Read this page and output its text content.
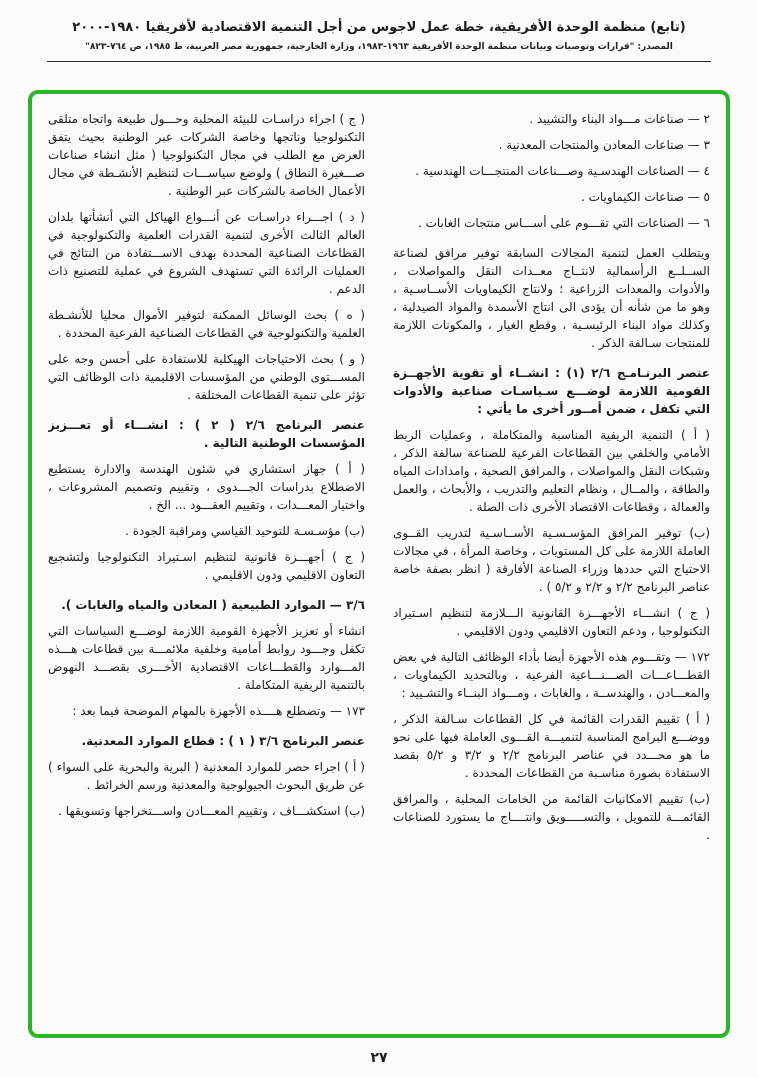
(تابع) منظمة الوحدة الأفريقية، خطة عمل لاجوس من أجل التنمية الاقتصادية لأفريقيا ١٩٨٠-٢٠٠٠
المصدر: "قرارات وتوصيات وبيانات منظمة الوحدة الأفريقية ١٩٦٣-١٩٨٣، وزارة الخارجية، جمهورية مصر العربية، ط ١٩٨٥، ص ٧٦٤-٨٢٣"

٢ — صناعات مـــواد البناء والتشييد .

٣ — صناعات المعادن والمنتجات المعدنية .

٤ — الصناعات الهندسـية وصـــناعات المنتجـــات الهندسية .

٥ — صناعات الكيماويات .

٦ — الصناعات التي تقـــوم على أســـاس منتجات الغابات .

ويتطلب العمل لتنمية المجالات السابقة توفير مرافق لصناعة الســلــع الرأسمالية لانتــاج معــدات النقل والمواصلات ، والأدوات والمعدات الزراعية ؛ ولانتاج الكيماويات الأســاسـية ، وهو ما من شأنه أن يؤدى الى انتاج الأسمدة والمواد الصيدلية ، وكذلك مواد البناء الرئيسـية ، وقطع الغيار ، والمكونات اللازمة للمنتجات سـالفة الذكر .

عنصر البرنـامـج ٢/٦ (١) : انشــاء أو تقوية الأجهــزة القومية اللازمة لوضـــع سـياسـات صناعية والأدوات التي تكفل ، ضمن أمــور أخرى ما يأتي :

( أ ) التنمية الريفية المناسبة والمتكاملة ، وعمليات الربط الأمامي والخلفي بين القطاعات الفرعية للصناعة سالفة الذكر ، وشبكات النقل والمواصلات ، والمرافق الصحية ، وامدادات المياه والطاقة ، والمــال ، ونظام التعليم والتدريب ، والأبحاث ، والعمل والعمالة ، وقطاعات الاقتصاد الأخرى ذات الصلة .

(ب) توفير المرافق المؤسـسـية الأســاسـية لتدريب القــوى العاملة اللازمة على كل المستويات ، وخاصة المرأة ، في مجالات الاحتياج التي حددها وزراء الصناعة الأفارقة ( انظر بصفة خاصة عناصر البرنامج ٢/٢ و ٢/٢ و ٥/٢ ) .

( ج ) انشـــاء الأجهـــزة القانونية الـــلازمة لتنظيم اسـتيراد التكنولوجيا ، ودعم التعاون الاقليمي ودون الاقليمي .

١٧٢ — وتقـــوم هذه الأجهزة أيضا بأداء الوظائف التالية في بعض القطـــاعـــات الصـــنـــاعية الفرعية ، وبالتحديد الكيماويات ، والمعـــادن ، والهندســة ، والغابات ، ومـــواد البنــاء والتشـييد :

( أ ) تقييم القدرات القائمة في كل القطاعات سـالفة الذكر ، ووضـــع البرامج المناسبة لتنميـــة القـــوى العاملة فيها على نحو ما هو محـــدد في عناصر البرنامج ٢/٢ و ٣/٢ و ٥/٢ بقصد الاستفادة بصورة مناسـبة من القطاعات المحددة .

(ب) تقييم الامكانيات القائمة من الخامات المحلية ، والمرافق القائمـــة للتمويل ، والتســـــويق وانتــــاج ما يستورد للصناعات .

( ج ) اجراء دراسـات للبيئة المحلية وحـــول طبيعة واتجاه متلقى التكنولوجيا وناتجها وخاصة الشركات عبر الوطنية بحيث يتفق العرض مع الطلب في مجال التكنولوجيا ( مثل انشاء صناعات صـــغيرة النطاق ) ولوضع سياســـات لتنظيم الأنشـطة في مجال الأعمال الخاصة بالشركات عبر الوطنية .

( د ) اجـــراء دراسـات عن أنـــواع الهياكل التي أنشأتها بلدان العالم الثالث الأخرى لتنمية القدرات العلمية والتكنولوجية في القطاعات الصناعية المحددة بهدف الاســـتفادة من النتائج في العمليات الرائدة التي تستهدف الشروع في عملية للتصنيع ذات الدعم .

( ه ) بحث الوسائل الممكنة لتوفير الأموال محليا للأنشـطة العلمية والتكنولوجية في القطاعات الصناعية الفرعية المحددة .

( و ) بحث الاحتياجات الهيكلية للاستفادة على أحسن وجه على المســـتوى الوطني من المؤسسات الاقليمية ذات الوظائف التي تؤثر على تنمية القطاعات المختلفة .

عنصر البرنامج ٢/٦ ( ٢ ) : انشـــاء أو تعـــزيز المؤسسات الوطنية التالية .

( أ ) جهاز استشاري في شئون الهندسة والادارة يستطيع الاضطلاع بدراسات الجـــدوى ، وتقييم وتصميم المشروعات ، واختيار المعـــدات ، وتقييم العقـــود ... الخ .

(ب) مؤسـسـة للتوحيد القياسي ومراقبة الجودة .

( ج ) أجهـــزة قانونية لتنظيم اسـتيراد التكنولوجيا ولتشجيع التعاون الاقليمي ودون الاقليمي .

٣/٦ — الموارد الطبيعية ( المعادن والمياه والغابات ).

انشاء أو تعزيز الأجهزة القومية اللازمة لوضـــع السياسات التي تكفل وجـــود روابط أمامية وخلفية ملائمـــة بين قطاعات هـــذه المـــوارد والقطـــاعات الاقتصادية الأخـــرى بقصـــد النهوض بالتنمية الريفية المتكاملة .

١٧٣ — وتضطلع هــــذه الأجهزة بالمهام الموضحة فيما بعد :

عنصر البرنامج ٣/٦ ( ١ ) : قطاع الموارد المعدنية.

( أ ) اجراء حصر للموارد المعدنية ( البرية والبحرية على السواء ) عن طريق البحوث الجيولوجية والمعدنية ورسم الخرائط .

(ب) استكشـــاف ، وتقييم المعـــادن واســـتخراجها وتسويقها .

٢٧
